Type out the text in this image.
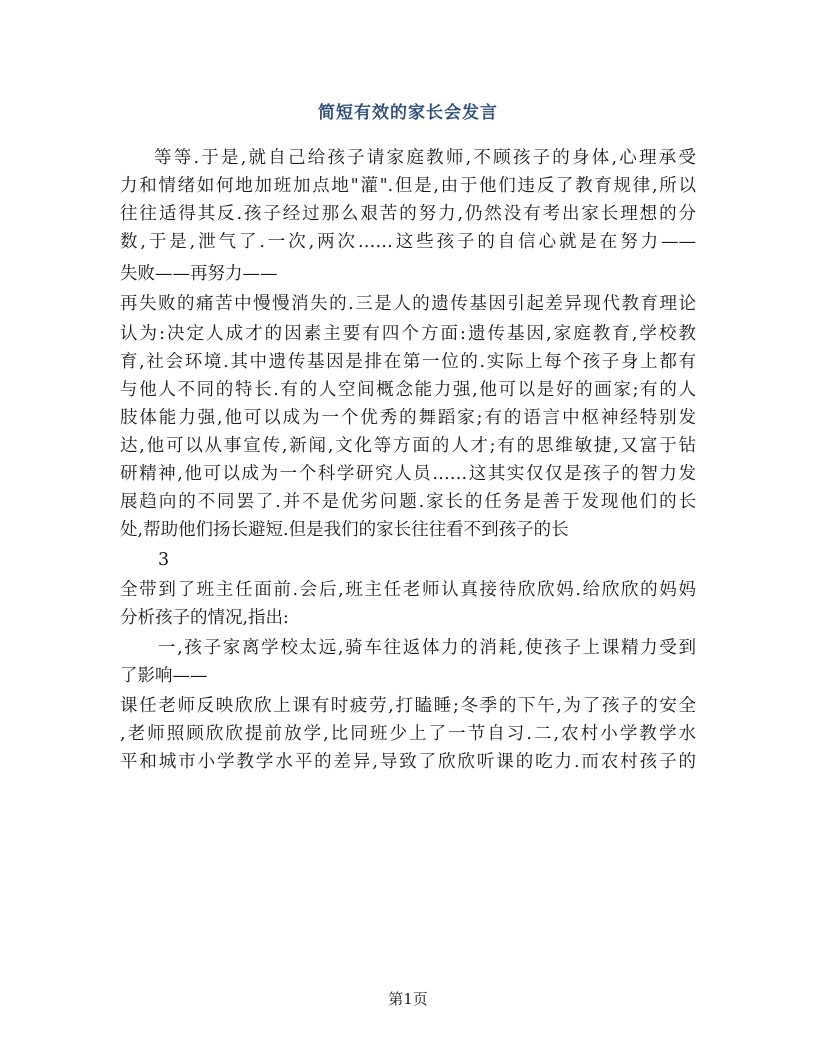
简短有效的家长会发言
等等.于是,就自己给孩子请家庭教师,不顾孩子的身体,心理承受
力和情绪如何地加班加点地"灌".但是,由于他们违反了教育规律,所以
往往适得其反.孩子经过那么艰苦的努力,仍然没有考出家长理想的分
数,于是,泄气了.一次,两次……这些孩子的自信心就是在努力——
失败——再努力——
再失败的痛苦中慢慢消失的.三是人的遗传基因引起差异现代教育理论
认为:决定人成才的因素主要有四个方面:遗传基因,家庭教育,学校教
育,社会环境.其中遗传基因是排在第一位的.实际上每个孩子身上都有
与他人不同的特长.有的人空间概念能力强,他可以是好的画家;有的人
肢体能力强,他可以成为一个优秀的舞蹈家;有的语言中枢神经特别发
达,他可以从事宣传,新闻,文化等方面的人才;有的思维敏捷,又富于钻
研精神,他可以成为一个科学研究人员……这其实仅仅是孩子的智力发
展趋向的不同罢了.并不是优劣问题.家长的任务是善于发现他们的长
处,帮助他们扬长避短.但是我们的家长往往看不到孩子的长
3
全带到了班主任面前.会后,班主任老师认真接待欣欣妈.给欣欣的妈妈
分析孩子的情况,指出:
一,孩子家离学校太远,骑车往返体力的消耗,使孩子上课精力受到
了影响——
课任老师反映欣欣上课有时疲劳,打瞌睡;冬季的下午,为了孩子的安全
,老师照顾欣欣提前放学,比同班少上了一节自习.二,农村小学教学水
平和城市小学教学水平的差异,导致了欣欣听课的吃力.而农村孩子的
第1页
